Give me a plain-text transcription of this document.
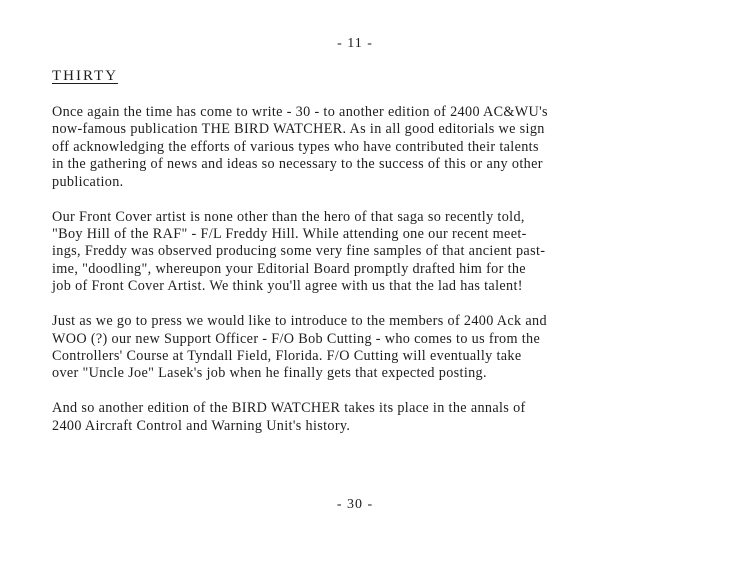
- 11 -
THIRTY

Once again the time has come to write - 30 - to another edition of 2400 AC&WU's
now-famous publication THE BIRD WATCHER. As in all good editorials we sign
off acknowledging the efforts of various types who have contributed their talents
in the gathering of news and ideas so necessary to the success of this or any other
publication.

Our Front Cover artist is none other than the hero of that saga so recently told,
"Boy Hill of the RAF" - F/L Freddy Hill. While attending one our recent meet-
ings, Freddy was observed producing some very fine samples of that ancient past-
ime, "doodling", whereupon your Editorial Board promptly drafted him for the
job of Front Cover Artist. We think you'll agree with us that the lad has talent!

Just as we go to press we would like to introduce to the members of 2400 Ack and
WOO (?) our new Support Officer - F/O Bob Cutting - who comes to us from the
Controllers' Course at Tyndall Field, Florida. F/O Cutting will eventually take
over "Uncle Joe" Lasek's job when he finally gets that expected posting.

And so another edition of the BIRD WATCHER takes its place in the annals of
2400 Aircraft Control and Warning Unit's history.

- 30 -
